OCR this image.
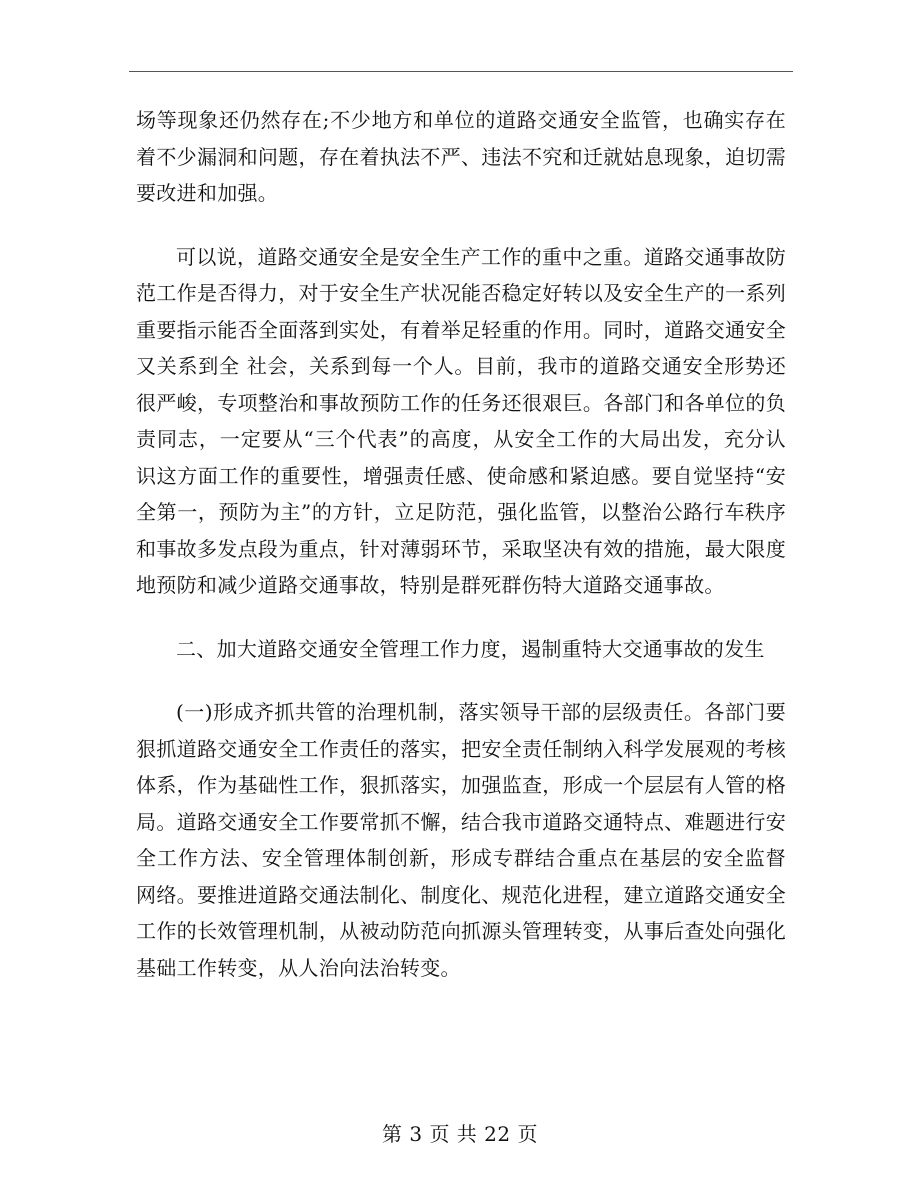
场等现象还仍然存在;不少地方和单位的道路交通安全监管，也确实存在着不少漏洞和问题，存在着执法不严、违法不究和迁就姑息现象，迫切需要改进和加强。

可以说，道路交通安全是安全生产工作的重中之重。道路交通事故防范工作是否得力，对于安全生产状况能否稳定好转以及安全生产的一系列重要指示能否全面落到实处，有着举足轻重的作用。同时，道路交通安全又关系到全 社会，关系到每一个人。目前，我市的道路交通安全形势还很严峻，专项整治和事故预防工作的任务还很艰巨。各部门和各单位的负责同志，一定要从“三个代表”的高度，从安全工作的大局出发，充分认识这方面工作的重要性，增强责任感、使命感和紧迫感。要自觉坚持“安全第一，预防为主”的方针，立足防范，强化监管，以整治公路行车秩序和事故多发点段为重点，针对薄弱环节，采取坚决有效的措施，最大限度地预防和减少道路交通事故，特别是群死群伤特大道路交通事故。

二、加大道路交通安全管理工作力度，遏制重特大交通事故的发生

(一)形成齐抓共管的治理机制，落实领导干部的层级责任。各部门要狠抓道路交通安全工作责任的落实，把安全责任制纳入科学发展观的考核体系，作为基础性工作，狠抓落实，加强监查，形成一个层层有人管的格局。道路交通安全工作要常抓不懈，结合我市道路交通特点、难题进行安全工作方法、安全管理体制创新，形成专群结合重点在基层的安全监督 网络。要推进道路交通法制化、制度化、规范化进程，建立道路交通安全工作的长效管理机制，从被动防范向抓源头管理转变，从事后查处向强化基础工作转变，从人治向法治转变。

第 3 页 共 22 页
